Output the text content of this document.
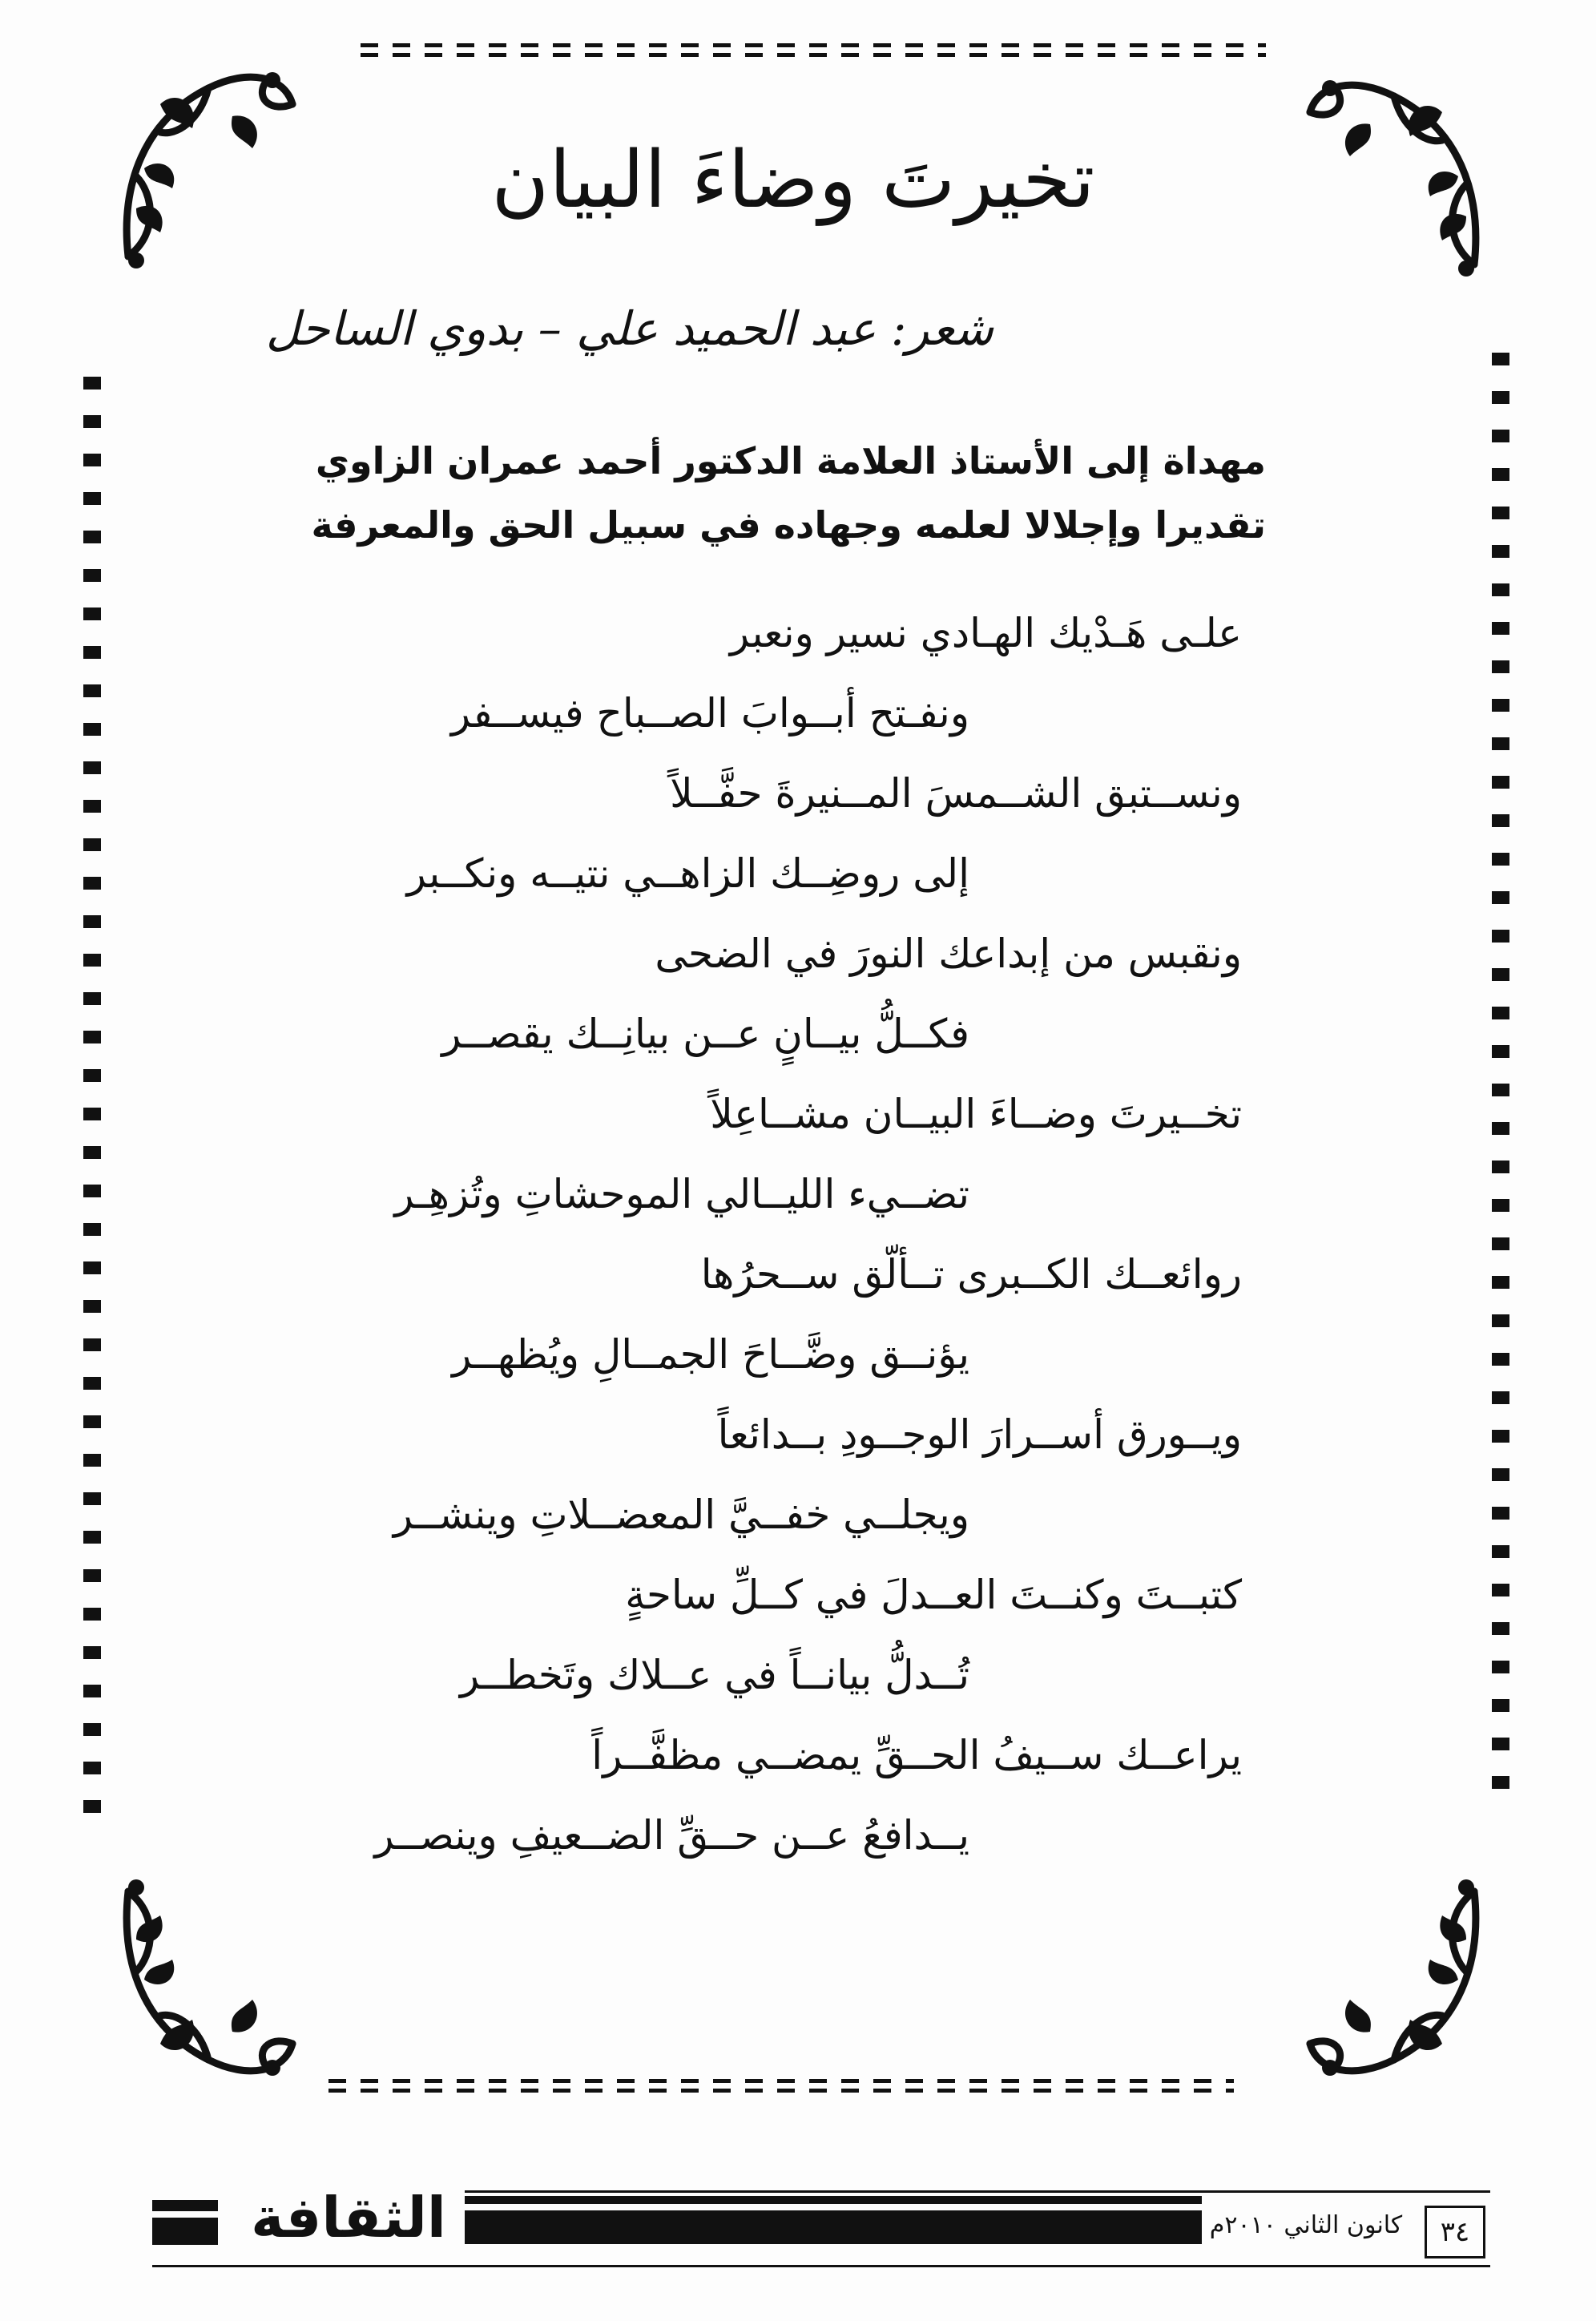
تخيرتَ وضاءَ البيان
شعر: عبد الحميد علي – بدوي الساحل
مهداة إلى الأستاذ العلامة الدكتور أحمد عمران الزاوي
تقديرا وإجلالا لعلمه وجهاده في سبيل الحق والمعرفة
علـى هَـدْيك الهـادي نسير ونعبر
ونفـتح أبــوابَ الصــباح فيســفر
ونســتبق الشــمسَ المــنيرةَ حفَّــلاً
إلى روضِــك الزاهــي نتيــه ونكــبر
ونقبس من إبداعك النورَ في الضحى
فكــلُّ بيــانٍ عــن بيانِــك يقصــر
تخــيرتَ وضــاءَ البيــان مشــاعِلاً
تضــيء الليــالي الموحشاتِ وتُزهِـر
روائعــك الكــبرى تــألّق ســحرُها
يؤنــق وضَّــاحَ الجمــالِ ويُظهــر
ويــورق أســرارَ الوجــودِ بــدائعاً
ويجلــي خفــيَّ المعضــلاتِ وينشــر
كتبــتَ وكنــتَ العــدلَ في كــلِّ ساحةٍ
تُــدلُّ بيانــاً في عــلاك وتَخطــر
يراعــك ســيفُ الحــقِّ يمضــي مظفَّــراً
يــدافعُ عــن حــقِّ الضــعيفِ وينصــر
الثقافة	كانون الثاني ٢٠١٠م	٣٤
